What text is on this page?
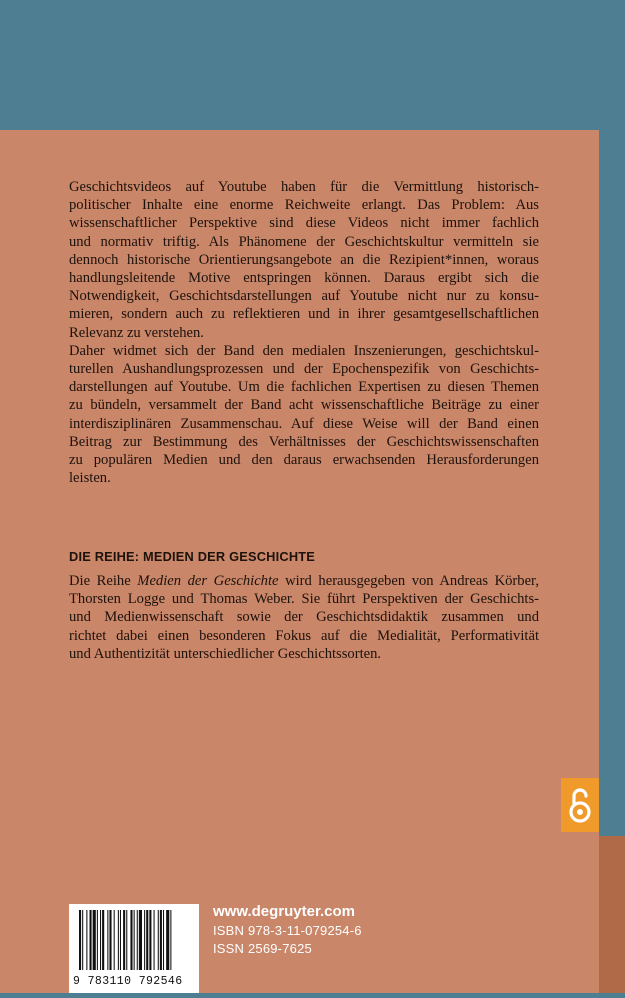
Geschichtsvideos auf Youtube haben für die Vermittlung historisch-
politischer Inhalte eine enorme Reichweite erlangt. Das Problem: Aus
wissenschaftlicher Perspektive sind diese Videos nicht immer fachlich
und normativ triftig. Als Phänomene der Geschichtskultur vermitteln sie
dennoch historische Orientierungsangebote an die Rezipient*innen, woraus
handlungsleitende Motive entspringen können. Daraus ergibt sich die
Notwendigkeit, Geschichtsdarstellungen auf Youtube nicht nur zu konsu-
mieren, sondern auch zu reflektieren und in ihrer gesamtgesellschaftlichen
Relevanz zu verstehen.

Daher widmet sich der Band den medialen Inszenierungen, geschichtskul-
turellen Aushandlungsprozessen und der Epochenspezifik von Geschichts-
darstellungen auf Youtube. Um die fachlichen Expertisen zu diesen Themen
zu bündeln, versammelt der Band acht wissenschaftliche Beiträge zu einer
interdisziplinären Zusammenschau. Auf diese Weise will der Band einen
Beitrag zur Bestimmung des Verhältnisses der Geschichtswissenschaften
zu populären Medien und den daraus erwachsenden Herausforderungen
leisten.

DIE REIHE: MEDIEN DER GESCHICHTE
Die Reihe Medien der Geschichte wird herausgegeben von Andreas Körber,
Thorsten Logge und Thomas Weber. Sie führt Perspektiven der Geschichts-
und Medienwissenschaft sowie der Geschichtsdidaktik zusammen und
richtet dabei einen besonderen Fokus auf die Medialität, Performativität
und Authentizität unterschiedlicher Geschichtssorten.
9 783110 792546
www.degruyter.com
ISBN 978-3-11-079254-6
ISSN 2569-7625
